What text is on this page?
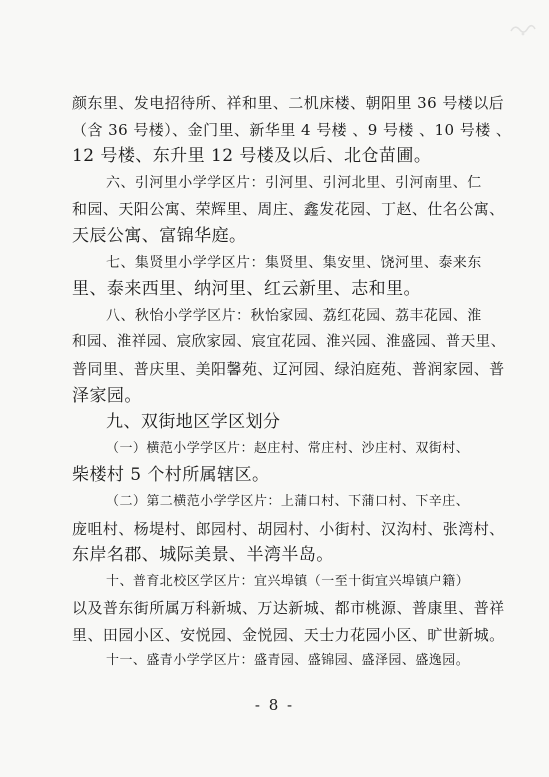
颜东里、发电招待所、祥和里、二机床楼、朝阳里 36 号楼以后
（含 36 号楼）、金门里、新华里 4 号楼 、9 号楼 、10 号楼 、
12 号楼、东升里 12 号楼及以后、北仓苗圃。
六、引河里小学学区片：引河里、引河北里、引河南里、仁
和园、天阳公寓、荣辉里、周庄、鑫发花园、丁赵、仕名公寓、
天辰公寓、富锦华庭。
七、集贤里小学学区片：集贤里、集安里、饶河里、泰来东
里、泰来西里、纳河里、红云新里、志和里。
八、秋怡小学学区片：秋怡家园、荔红花园、荔丰花园、淮
和园、淮祥园、宸欣家园、宸宜花园、淮兴园、淮盛园、普天里、
普同里、普庆里、美阳馨苑、辽河园、绿泊庭苑、普润家园、普
泽家园。
九、双街地区学区划分
（一）横范小学学区片：赵庄村、常庄村、沙庄村、双街村、
柴楼村 5 个村所属辖区。
（二）第二横范小学学区片：上蒲口村、下蒲口村、下辛庄、
庞咀村、杨堤村、郎园村、胡园村、小街村、汉沟村、张湾村、
东岸名郡、城际美景、半湾半岛。
十、普育北校区学区片：宜兴埠镇（一至十街宜兴埠镇户籍）
以及普东街所属万科新城、万达新城、都市桃源、普康里、普祥
里、田园小区、安悦园、金悦园、天士力花园小区、旷世新城。
十一、盛青小学学区片：盛青园、盛锦园、盛泽园、盛逸园。
- 8 -
